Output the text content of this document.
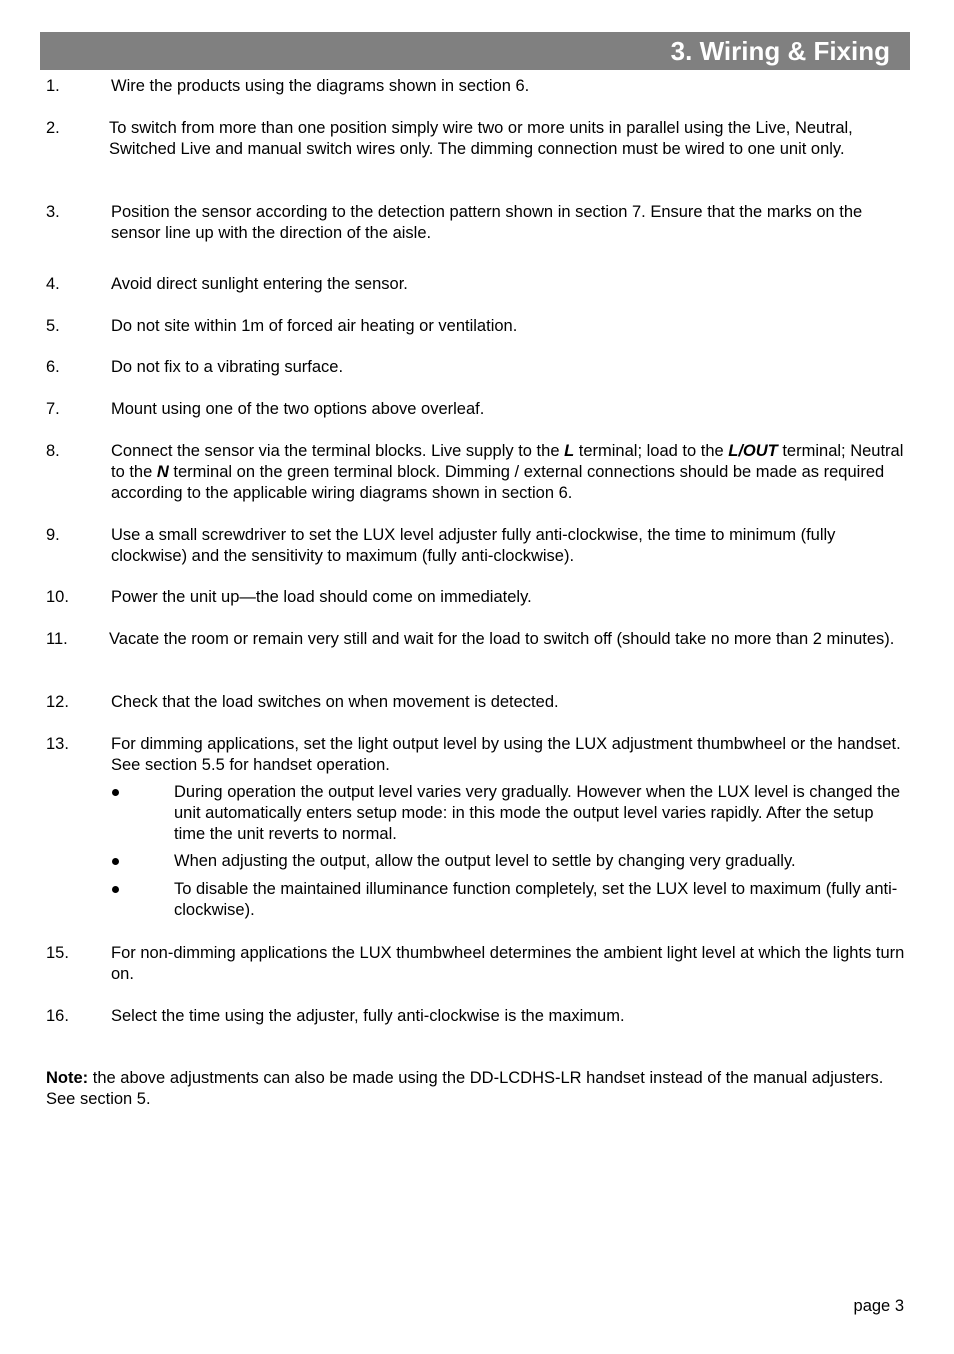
3. Wiring & Fixing
1.	Wire the products using the diagrams shown in section 6.
2.	To switch from more than one position simply wire two or more units in parallel using the Live, Neutral, Switched Live and manual switch wires only. The dimming connection must be wired to one unit only.
3.	Position the sensor according to the detection pattern shown in section 7. Ensure that the marks on the sensor line up with the direction of the aisle.
4.	Avoid direct sunlight entering the sensor.
5.	Do not site within 1m of forced air heating or ventilation.
6.	Do not fix to a vibrating surface.
7.	Mount using one of the two options above overleaf.
8.	Connect the sensor via the terminal blocks. Live supply to the L terminal; load to the L/OUT terminal; Neutral to the N terminal on the green terminal block. Dimming / external connections should be made as required according to the applicable wiring diagrams shown in section 6.
9.	Use a small screwdriver to set the LUX level adjuster fully anti-clockwise, the time to minimum (fully clockwise) and the sensitivity to maximum (fully anti-clockwise).
10.	Power the unit up—the load should come on immediately.
11.	Vacate the room or remain very still and wait for the load to switch off (should take no more than 2 minutes).
12.	Check that the load switches on when movement is detected.
13.	For dimming applications, set the light output level by using the LUX adjustment thumbwheel or the handset. See section 5.5 for handset operation.
During operation the output level varies very gradually. However when the LUX level is changed the unit automatically enters setup mode: in this mode the output level varies rapidly. After the setup time the unit reverts to normal.
When adjusting the output, allow the output level to settle by changing very gradually.
To disable the maintained illuminance function completely, set the LUX level to maximum (fully anti-clockwise).
15.	For non-dimming applications the LUX thumbwheel determines the ambient light level at which the lights turn on.
16.	Select the time using the adjuster, fully anti-clockwise is the maximum.
Note: the above adjustments can also be made using the DD-LCDHS-LR handset instead of the manual adjusters. See section 5.
page 3
